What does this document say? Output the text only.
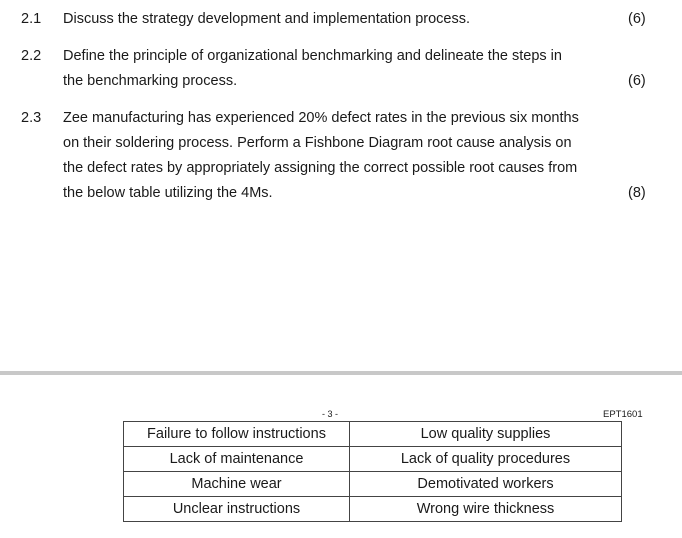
2.1 Discuss the strategy development and implementation process.	(6)
2.2 Define the principle of organizational benchmarking and delineate the steps in
the benchmarking process.	(6)
2.3 Zee manufacturing has experienced 20% defect rates in the previous six months
on their soldering process. Perform a Fishbone Diagram root cause analysis on
the defect rates by appropriately assigning the correct possible root causes from
the below table utilizing the 4Ms.	(8)
- 3 -	EPT1601
Failure to follow instructions	Low quality supplies
Lack of maintenance	Lack of quality procedures
Machine wear	Demotivated workers
Unclear instructions	Wrong wire thickness
